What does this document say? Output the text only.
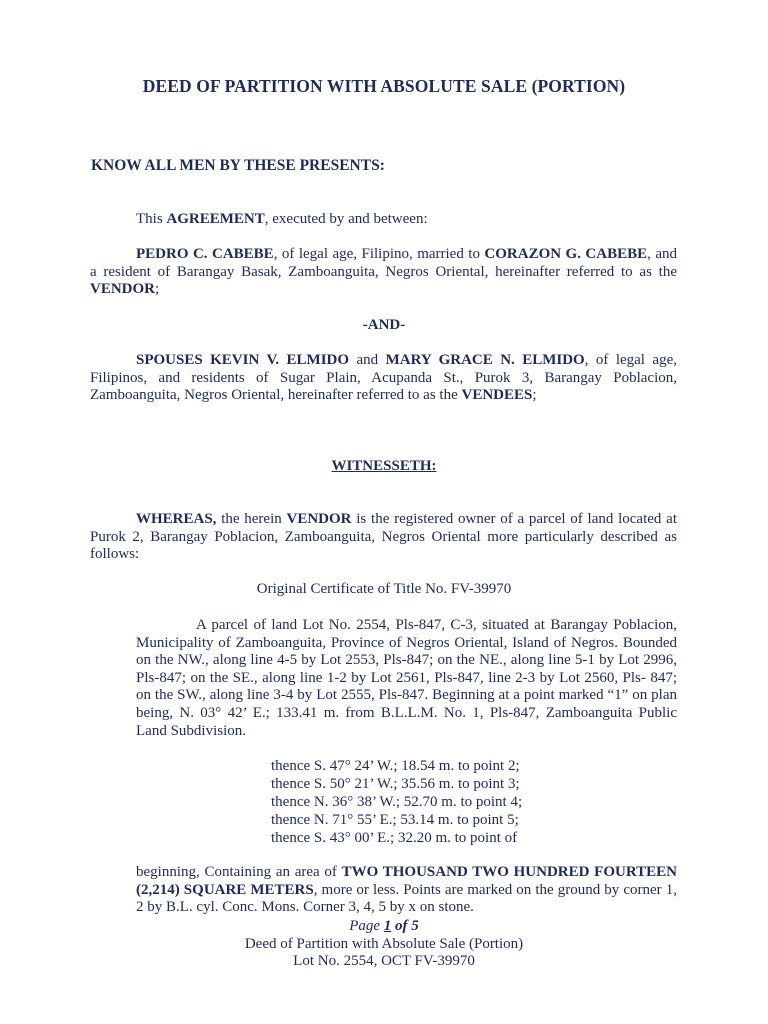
DEED OF PARTITION WITH ABSOLUTE SALE (PORTION)
KNOW ALL MEN BY THESE PRESENTS:
This AGREEMENT, executed by and between:
PEDRO C. CABEBE, of legal age, Filipino, married to CORAZON G. CABEBE, and a resident of Barangay Basak, Zamboanguita, Negros Oriental, hereinafter referred to as the VENDOR;
-AND-
SPOUSES KEVIN V. ELMIDO and MARY GRACE N. ELMIDO, of legal age, Filipinos, and residents of Sugar Plain, Acupanda St., Purok 3, Barangay Poblacion, Zamboanguita, Negros Oriental, hereinafter referred to as the VENDEES;
WITNESSETH:
WHEREAS, the herein VENDOR is the registered owner of a parcel of land located at Purok 2, Barangay Poblacion, Zamboanguita, Negros Oriental more particularly described as follows:
Original Certificate of Title No. FV-39970
A parcel of land Lot No. 2554, Pls-847, C-3, situated at Barangay Poblacion, Municipality of Zamboanguita, Province of Negros Oriental, Island of Negros. Bounded on the NW., along line 4-5 by Lot 2553, Pls-847; on the NE., along line 5-1 by Lot 2996, Pls-847; on the SE., along line 1-2 by Lot 2561, Pls-847, line 2-3 by Lot 2560, Pls- 847; on the SW., along line 3-4 by Lot 2555, Pls-847. Beginning at a point marked “1” on plan being, N. 03° 42’ E.; 133.41 m. from B.L.L.M. No. 1, Pls-847, Zamboanguita Public Land Subdivision.
thence S. 47° 24’ W.; 18.54 m. to point 2;
thence S. 50° 21’ W.; 35.56 m. to point 3;
thence N. 36° 38’ W.; 52.70 m. to point 4;
thence N. 71° 55’ E.; 53.14 m. to point 5;
thence S. 43° 00’ E.; 32.20 m. to point of
beginning, Containing an area of TWO THOUSAND TWO HUNDRED FOURTEEN (2,214) SQUARE METERS, more or less. Points are marked on the ground by corner 1, 2 by B.L. cyl. Conc. Mons. Corner 3, 4, 5 by x on stone.
Page 1 of 5
Deed of Partition with Absolute Sale (Portion)
Lot No. 2554, OCT FV-39970
